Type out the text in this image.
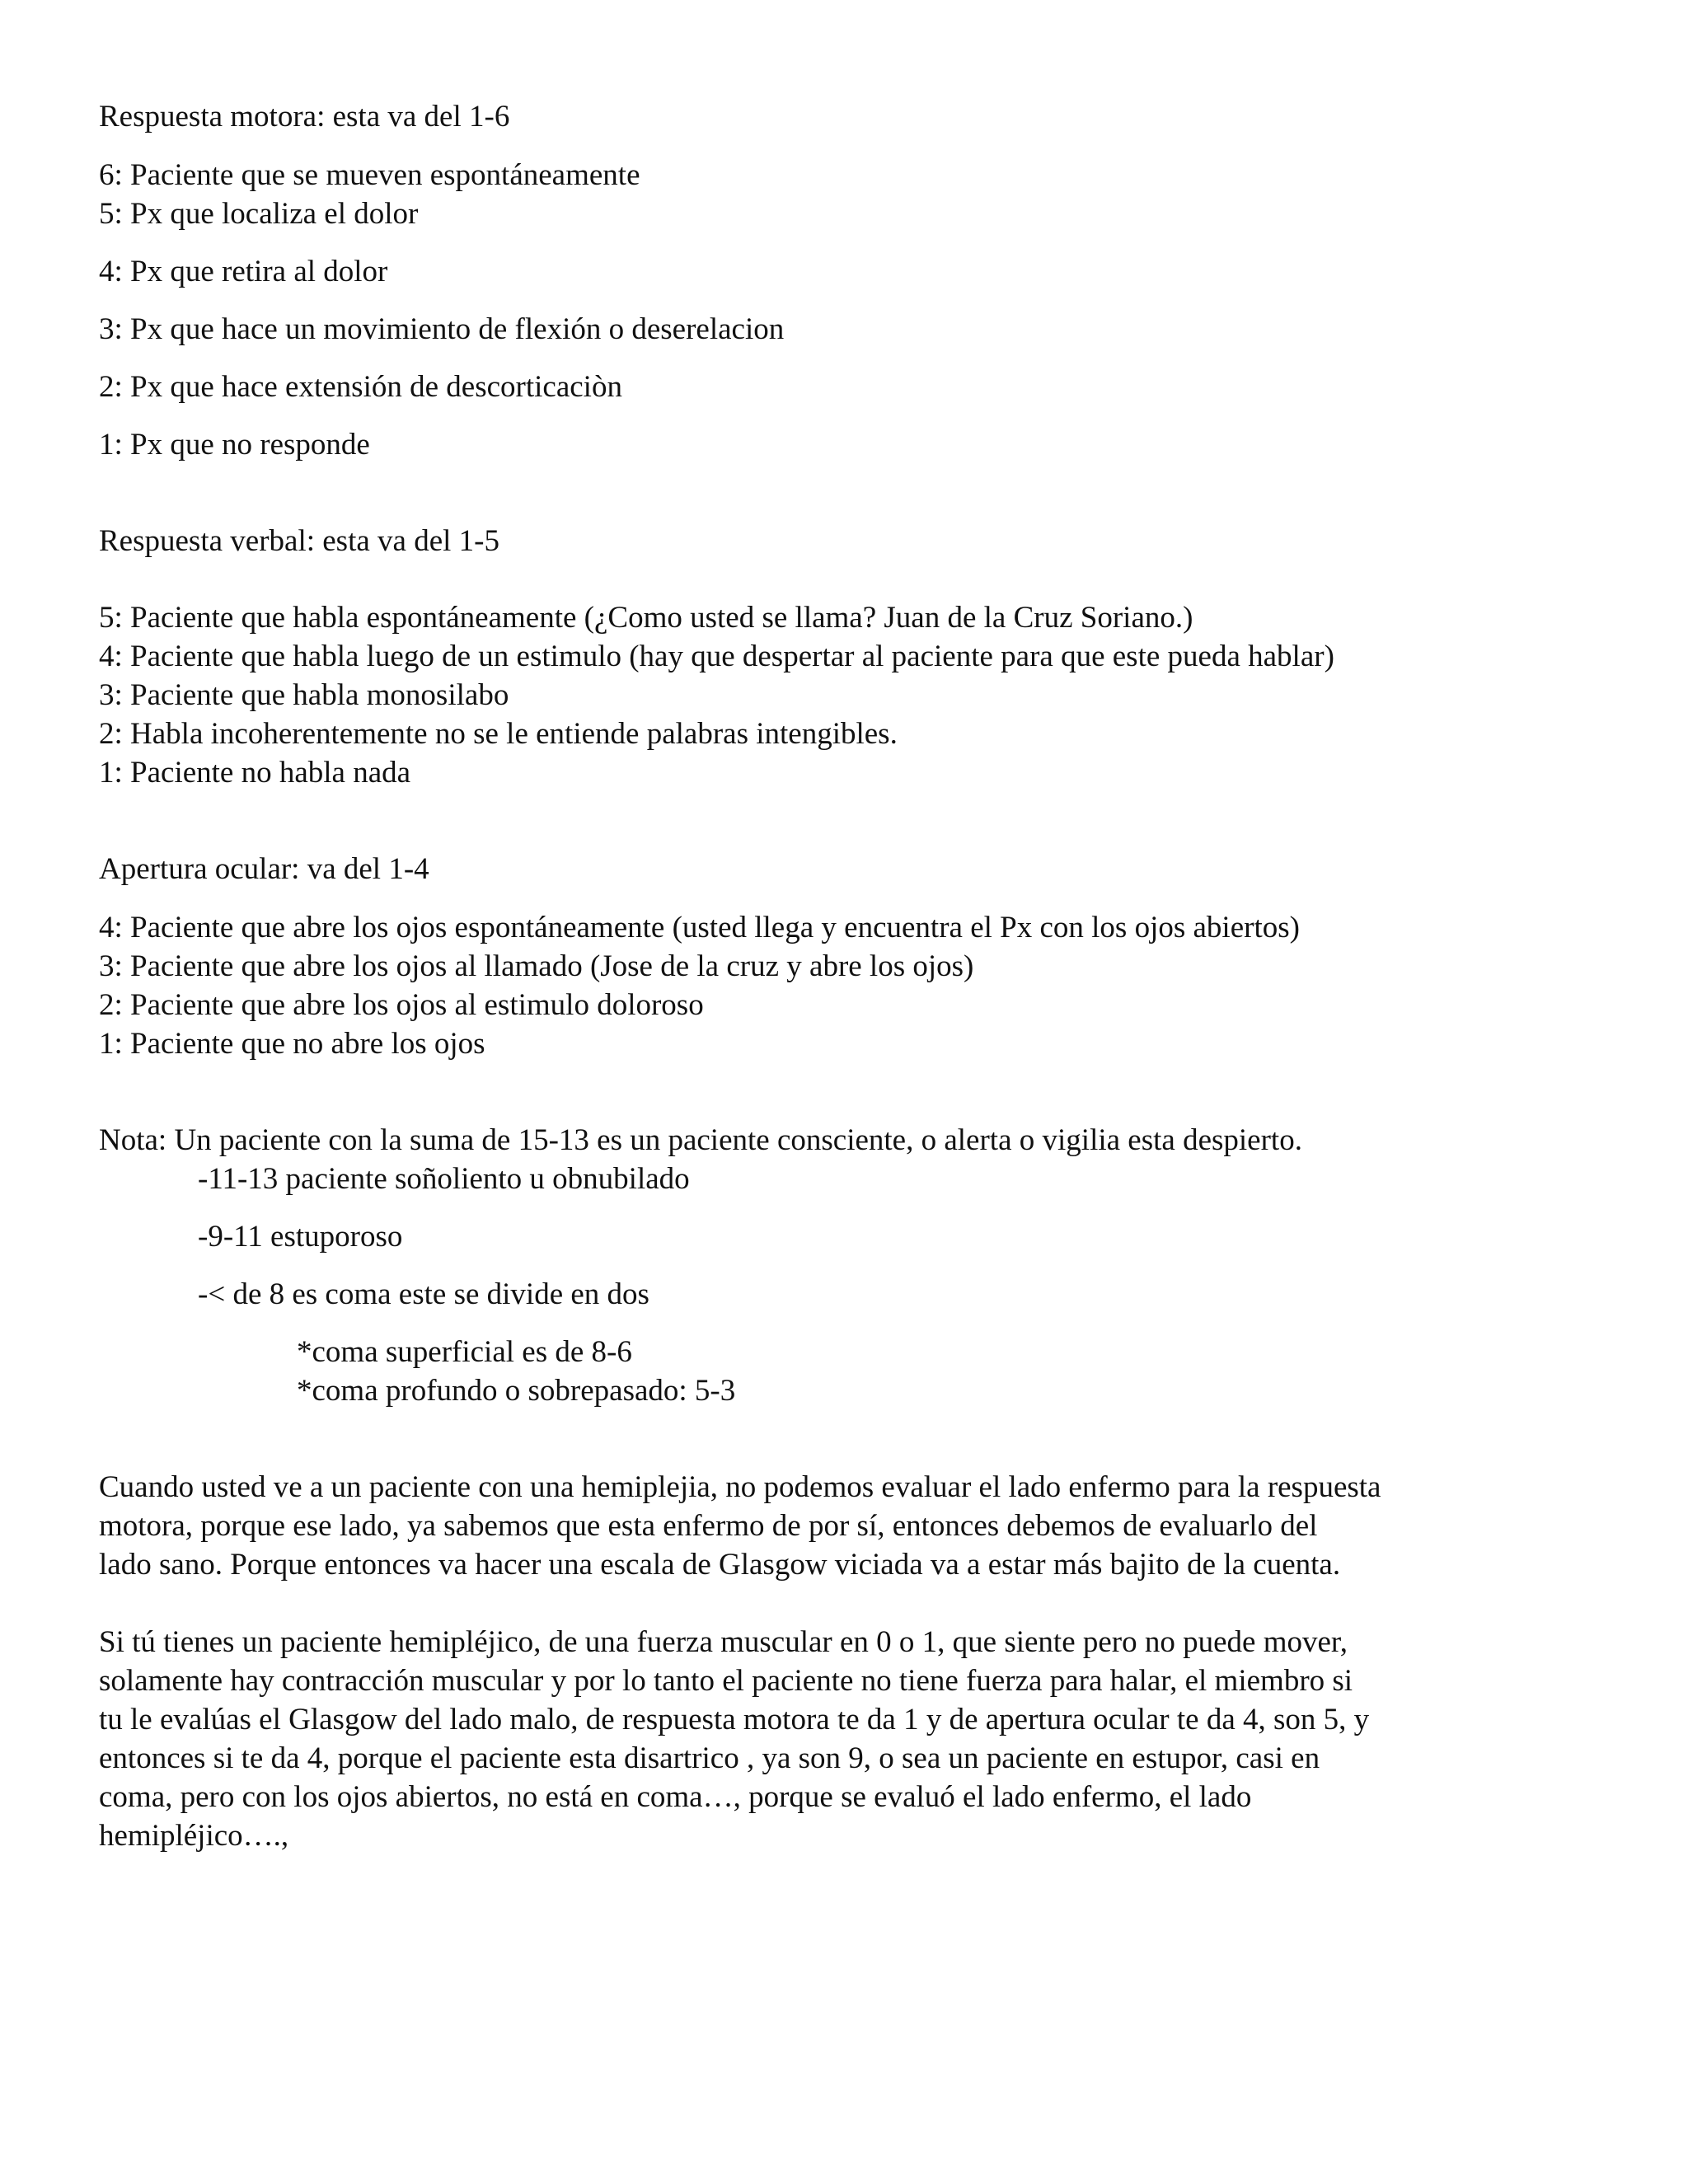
Respuesta motora: esta va del 1-6
6: Paciente que se mueven espontáneamente
5: Px que localiza el dolor
4: Px que retira al dolor
3: Px que hace un movimiento de flexión o deserelacion
2: Px que hace extensión de descorticaciòn
1: Px que no responde
Respuesta verbal: esta va del 1-5
5: Paciente que habla espontáneamente (¿Como usted se llama? Juan de la Cruz Soriano.)
4: Paciente que habla luego de un estimulo (hay que despertar al paciente para que este pueda hablar)
3: Paciente que habla monosilabo
2: Habla incoherentemente no se le entiende palabras intengibles.
1: Paciente no habla nada
Apertura ocular: va del 1-4
4: Paciente que abre los ojos espontáneamente (usted llega y encuentra el Px con los ojos abiertos)
3: Paciente que abre los ojos al llamado (Jose de la cruz y abre los ojos)
2: Paciente que abre los ojos al estimulo doloroso
1: Paciente que no abre los ojos
Nota: Un paciente con la suma de 15-13 es un paciente consciente, o alerta o vigilia esta despierto.
-11-13 paciente soñoliento u obnubilado
-9-11 estuporoso
-< de 8 es coma este se divide en dos
*coma superficial es de 8-6
*coma profundo o sobrepasado: 5-3
Cuando usted ve a un paciente con una hemiplejia, no podemos evaluar el lado enfermo para la respuesta
motora, porque ese lado, ya sabemos que esta enfermo de por sí, entonces debemos de evaluarlo del
lado sano. Porque entonces va hacer una escala de Glasgow viciada va a estar más bajito de la cuenta.
Si tú tienes un paciente hemipléjico, de una fuerza muscular en 0 o 1, que siente pero no puede mover,
solamente hay contracción muscular y por lo tanto el paciente no tiene fuerza para halar, el miembro si
tu le evalúas el Glasgow del lado malo, de respuesta motora te da 1 y de apertura ocular te da 4, son 5, y
entonces si te da 4, porque el paciente esta disartrico , ya son 9, o sea un paciente en estupor, casi en
coma, pero con los ojos abiertos, no está en coma…, porque se evaluó el lado enfermo, el lado
hemipléjico….,
